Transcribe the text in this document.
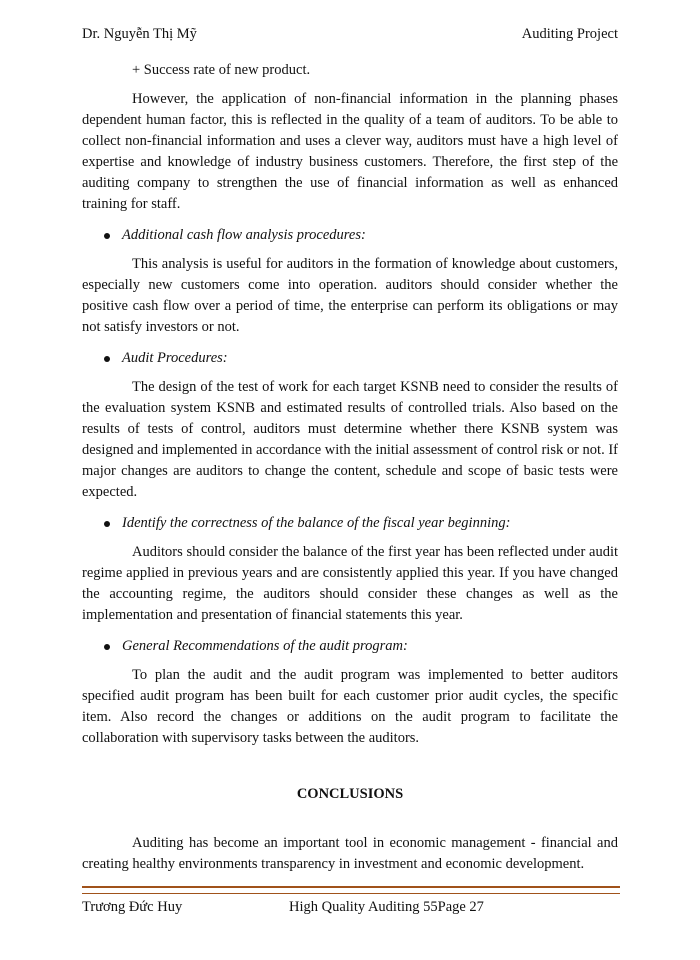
Dr. Nguyễn Thị Mỹ	Auditing Project

+ Success rate of new product.

However, the application of non-financial information in the planning phases dependent human factor, this is reflected in the quality of a team of auditors. To be able to collect non-financial information and uses a clever way, auditors must have a high level of expertise and knowledge of industry business customers. Therefore, the first step of the auditing company to strengthen the use of financial information as well as enhanced training for staff.

Additional cash flow analysis procedures:

This analysis is useful for auditors in the formation of knowledge about customers, especially new customers come into operation. auditors should consider whether the positive cash flow over a period of time, the enterprise can perform its obligations or may not satisfy investors or not.

Audit Procedures:

The design of the test of work for each target KSNB need to consider the results of the evaluation system KSNB and estimated results of controlled trials. Also based on the results of tests of control, auditors must determine whether there KSNB system was designed and implemented in accordance with the initial assessment of control risk or not. If major changes are auditors to change the content, schedule and scope of basic tests were expected.

Identify the correctness of the balance of the fiscal year beginning:

Auditors should consider the balance of the first year has been reflected under audit regime applied in previous years and are consistently applied this year. If you have changed the accounting regime, the auditors should consider these changes as well as the implementation and presentation of financial statements this year.

General Recommendations of the audit program:

To plan the audit and the audit program was implemented to better auditors specified audit program has been built for each customer prior audit cycles, the specific item. Also record the changes or additions on the audit program to facilitate the collaboration with supervisory tasks between the auditors.

CONCLUSIONS

Auditing has become an important tool in economic management - financial and creating healthy environments transparency in investment and economic development.

Trương Đức Huy	High Quality Auditing 55Page 27
